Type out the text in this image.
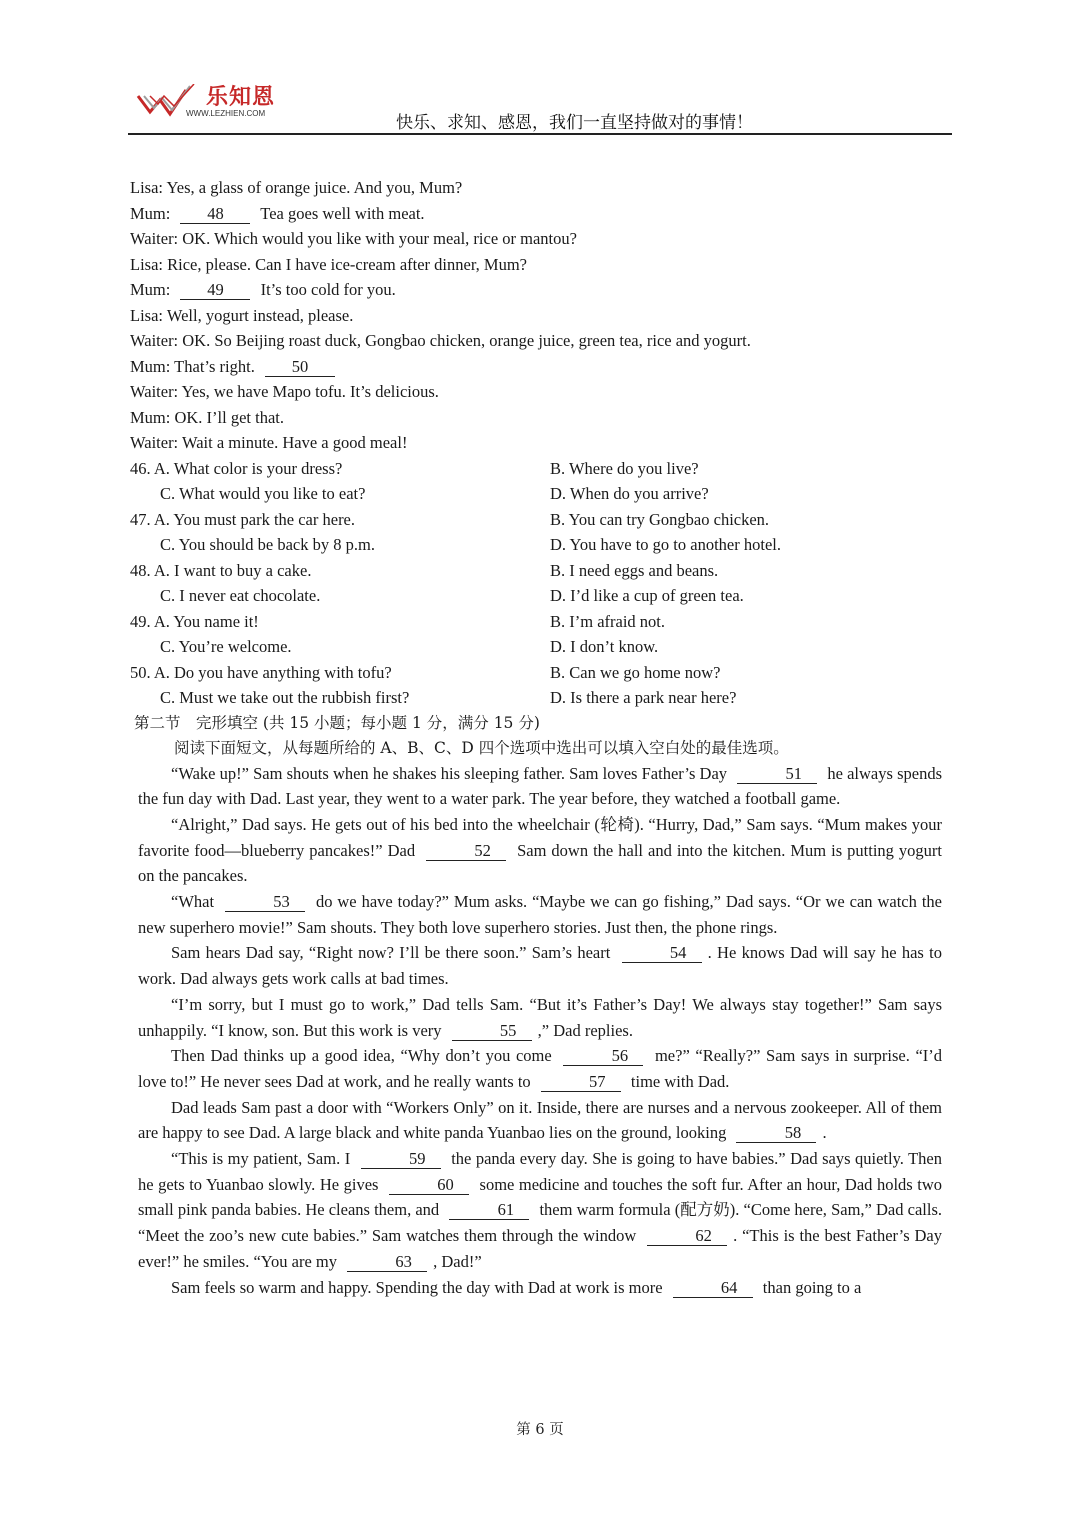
乐知恩
WWW.LEZHIEN.COM	快乐、求知、感恩，我们一直坚持做对的事情！
Lisa: Yes, a glass of orange juice. And you, Mum?
Mum: 48 Tea goes well with meat.
Waiter: OK. Which would you like with your meal, rice or mantou?
Lisa: Rice, please. Can I have ice-cream after dinner, Mum?
Mum: 49 It’s too cold for you.
Lisa: Well, yogurt instead, please.
Waiter: OK. So Beijing roast duck, Gongbao chicken, orange juice, green tea, rice and yogurt.
Mum: That’s right. 50
Waiter: Yes, we have Mapo tofu. It’s delicious.
Mum: OK. I’ll get that.
Waiter: Wait a minute. Have a good meal!
46. A. What color is your dress?	B. Where do you live?
C. What would you like to eat?	D. When do you arrive?
47. A. You must park the car here.	B. You can try Gongbao chicken.
C. You should be back by 8 p.m.	D. You have to go to another hotel.
48. A. I want to buy a cake.	B. I need eggs and beans.
C. I never eat chocolate.	D. I’d like a cup of green tea.
49. A. You name it!	B. I’m afraid not.
C. You’re welcome.	D. I don’t know.
50. A. Do you have anything with tofu?	B. Can we go home now?
C. Must we take out the rubbish first?	D. Is there a park near here?
第二节　完形填空 (共 15 小题；每小题 1 分，满分 15 分)
阅读下面短文，从每题所给的 A、B、C、D 四个选项中选出可以填入空白处的最佳选项。

“Wake up!” Sam shouts when he shakes his sleeping father. Sam loves Father’s Day	51 he always spends the fun day with Dad. Last year, they went to a water park. The year before, they watched a football game.

“Alright,” Dad says. He gets out of his bed into the wheelchair (轮椅). “Hurry, Dad,” Sam says. “Mum makes your favorite food—blueberry pancakes!” Dad	52 Sam down the hall and into the kitchen. Mum is putting yogurt on the pancakes.

“What	53 do we have today?” Mum asks. “Maybe we can go fishing,” Dad says. “Or we can watch the new superhero movie!” Sam shouts. They both love superhero stories. Just then, the phone rings.

Sam hears Dad say, “Right now? I’ll be there soon.” Sam’s heart	54 . He knows Dad will say he has to work. Dad always gets work calls at bad times.

“I’m sorry, but I must go to work,” Dad tells Sam. “But it’s Father’s Day! We always stay together!” Sam says unhappily. “I know, son. But this work is very	55 ,” Dad replies.

Then Dad thinks up a good idea, “Why don’t you come	56 me?” “Really?” Sam says in surprise. “I’d love to!” He never sees Dad at work, and he really wants to	57 time with Dad.

Dad leads Sam past a door with “Workers Only” on it. Inside, there are nurses and a nervous zookeeper. All of them are happy to see Dad. A large black and white panda Yuanbao lies on the ground, looking	58 .

“This is my patient, Sam. I	59 the panda every day. She is going to have babies.” Dad says quietly. Then he gets to Yuanbao slowly. He gives	60 some medicine and touches the soft fur. After an hour, Dad holds two small pink panda babies. He cleans them, and	61 them warm formula (配方奶). “Come here, Sam,” Dad calls. “Meet the zoo’s new cute babies.” Sam watches them through the window	62 . “This is the best Father’s Day ever!” he smiles. “You are my	63 , Dad!”

Sam feels so warm and happy. Spending the day with Dad at work is more	64 than going to a

第 6 页
